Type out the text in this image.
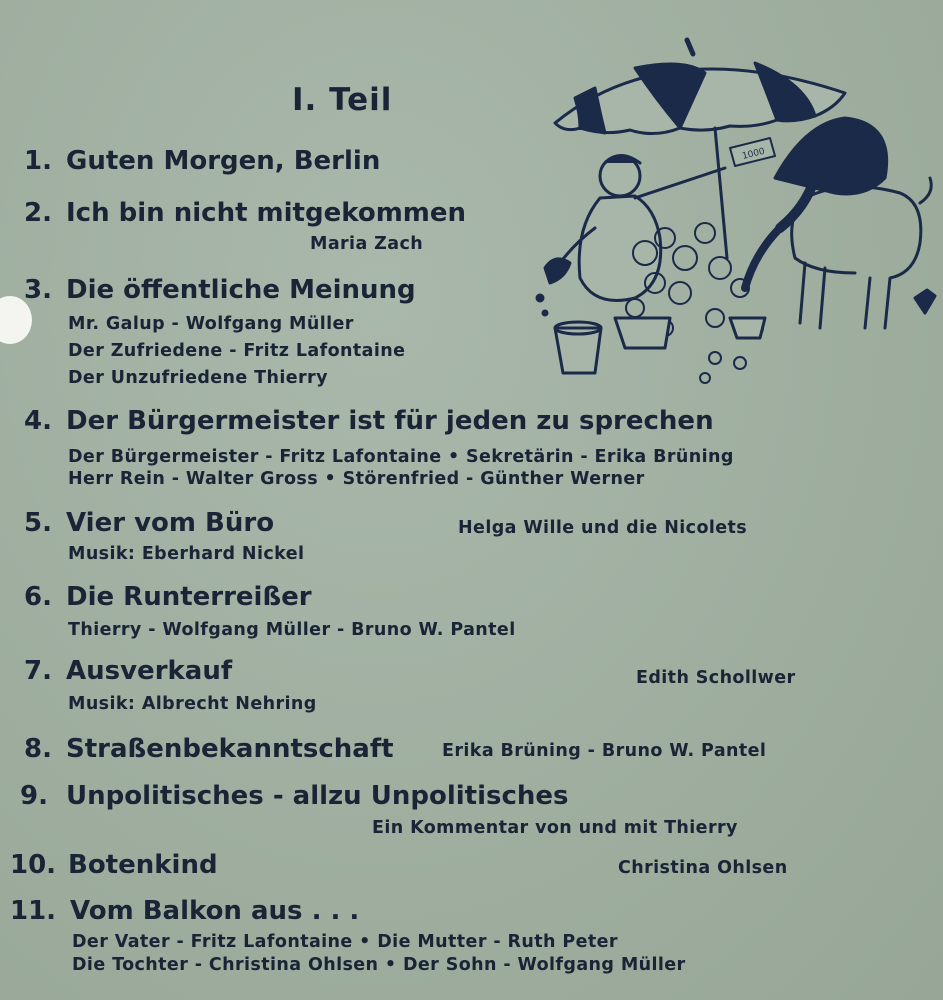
I. Teil
1000
1. Guten Morgen, Berlin
2. Ich bin nicht mitgekommen
Maria Zach
3. Die öffentliche Meinung
Mr. Galup - Wolfgang Müller
Der Zufriedene - Fritz Lafontaine
Der Unzufriedene Thierry
4. Der Bürgermeister ist für jeden zu sprechen
Der Bürgermeister - Fritz Lafontaine • Sekretärin - Erika Brüning
Herr Rein - Walter Gross • Störenfried - Günther Werner
5. Vier vom Büro	Helga Wille und die Nicolets
Musik: Eberhard Nickel
6. Die Runterreißer
Thierry - Wolfgang Müller - Bruno W. Pantel
7. Ausverkauf	Edith Schollwer
Musik: Albrecht Nehring
8. Straßenbekanntschaft	Erika Brüning - Bruno W. Pantel
9. Unpolitisches - allzu Unpolitisches
Ein Kommentar von und mit Thierry
10. Botenkind	Christina Ohlsen
11. Vom Balkon aus . . .
Der Vater - Fritz Lafontaine • Die Mutter - Ruth Peter
Die Tochter - Christina Ohlsen • Der Sohn - Wolfgang Müller
